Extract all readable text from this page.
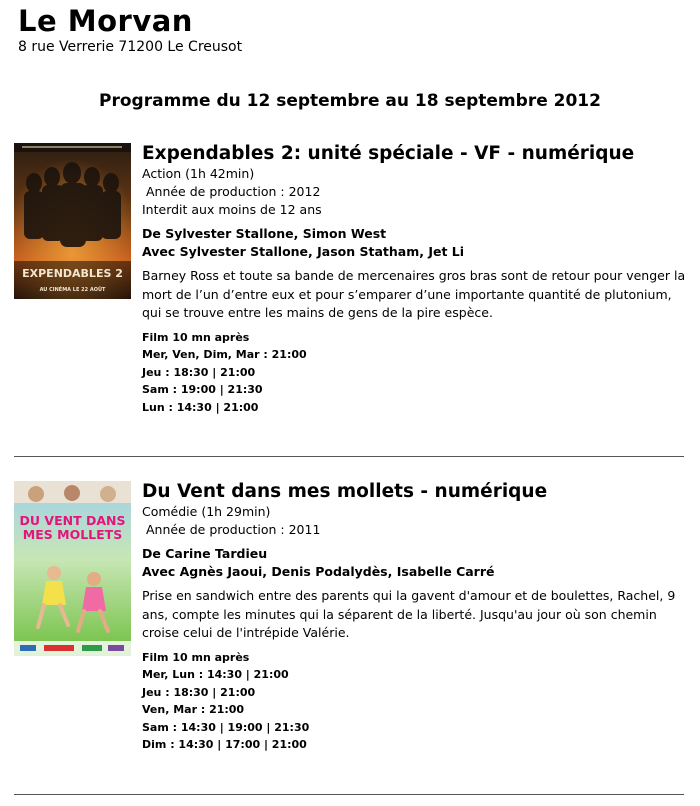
Le Morvan
8 rue Verrerie 71200 Le Creusot
Programme du 12 septembre au 18 septembre 2012
EXPENDABLES 2
AU CINÉMA LE 22 AOÛT
Expendables 2: unité spéciale - VF - numérique
Action (1h 42min)
Année de production : 2012
Interdit aux moins de 12 ans
De Sylvester Stallone, Simon West
Avec Sylvester Stallone, Jason Statham, Jet Li
Barney Ross et toute sa bande de mercenaires gros bras sont de retour pour venger la mort de l’un d’entre eux et pour s’emparer d’une importante quantité de plutonium, qui se trouve entre les mains de gens de la pire espèce.
Film 10 mn après
Mer, Ven, Dim, Mar : 21:00
Jeu : 18:30 | 21:00
Sam : 19:00 | 21:30
Lun : 14:30 | 21:00
DU VENT DANS
MES MOLLETS
Du Vent dans mes mollets - numérique
Comédie (1h 29min)
Année de production : 2011
De Carine Tardieu
Avec Agnès Jaoui, Denis Podalydès, Isabelle Carré
Prise en sandwich entre des parents qui la gavent d'amour et de boulettes, Rachel, 9 ans, compte les minutes qui la séparent de la liberté. Jusqu'au jour où son chemin croise celui de l'intrépide Valérie.
Film 10 mn après
Mer, Lun : 14:30 | 21:00
Jeu : 18:30 | 21:00
Ven, Mar : 21:00
Sam : 14:30 | 19:00 | 21:30
Dim : 14:30 | 17:00 | 21:00
